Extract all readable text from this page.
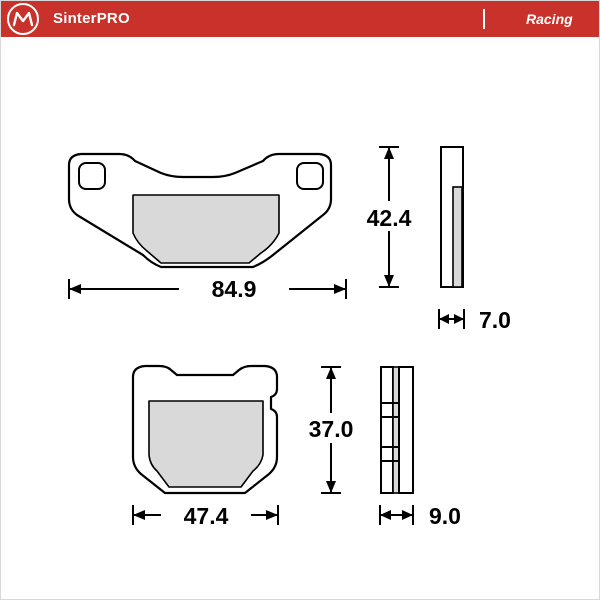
SinterPRO	Racing
84.9
42.4
7.0
47.4
37.0
9.0
